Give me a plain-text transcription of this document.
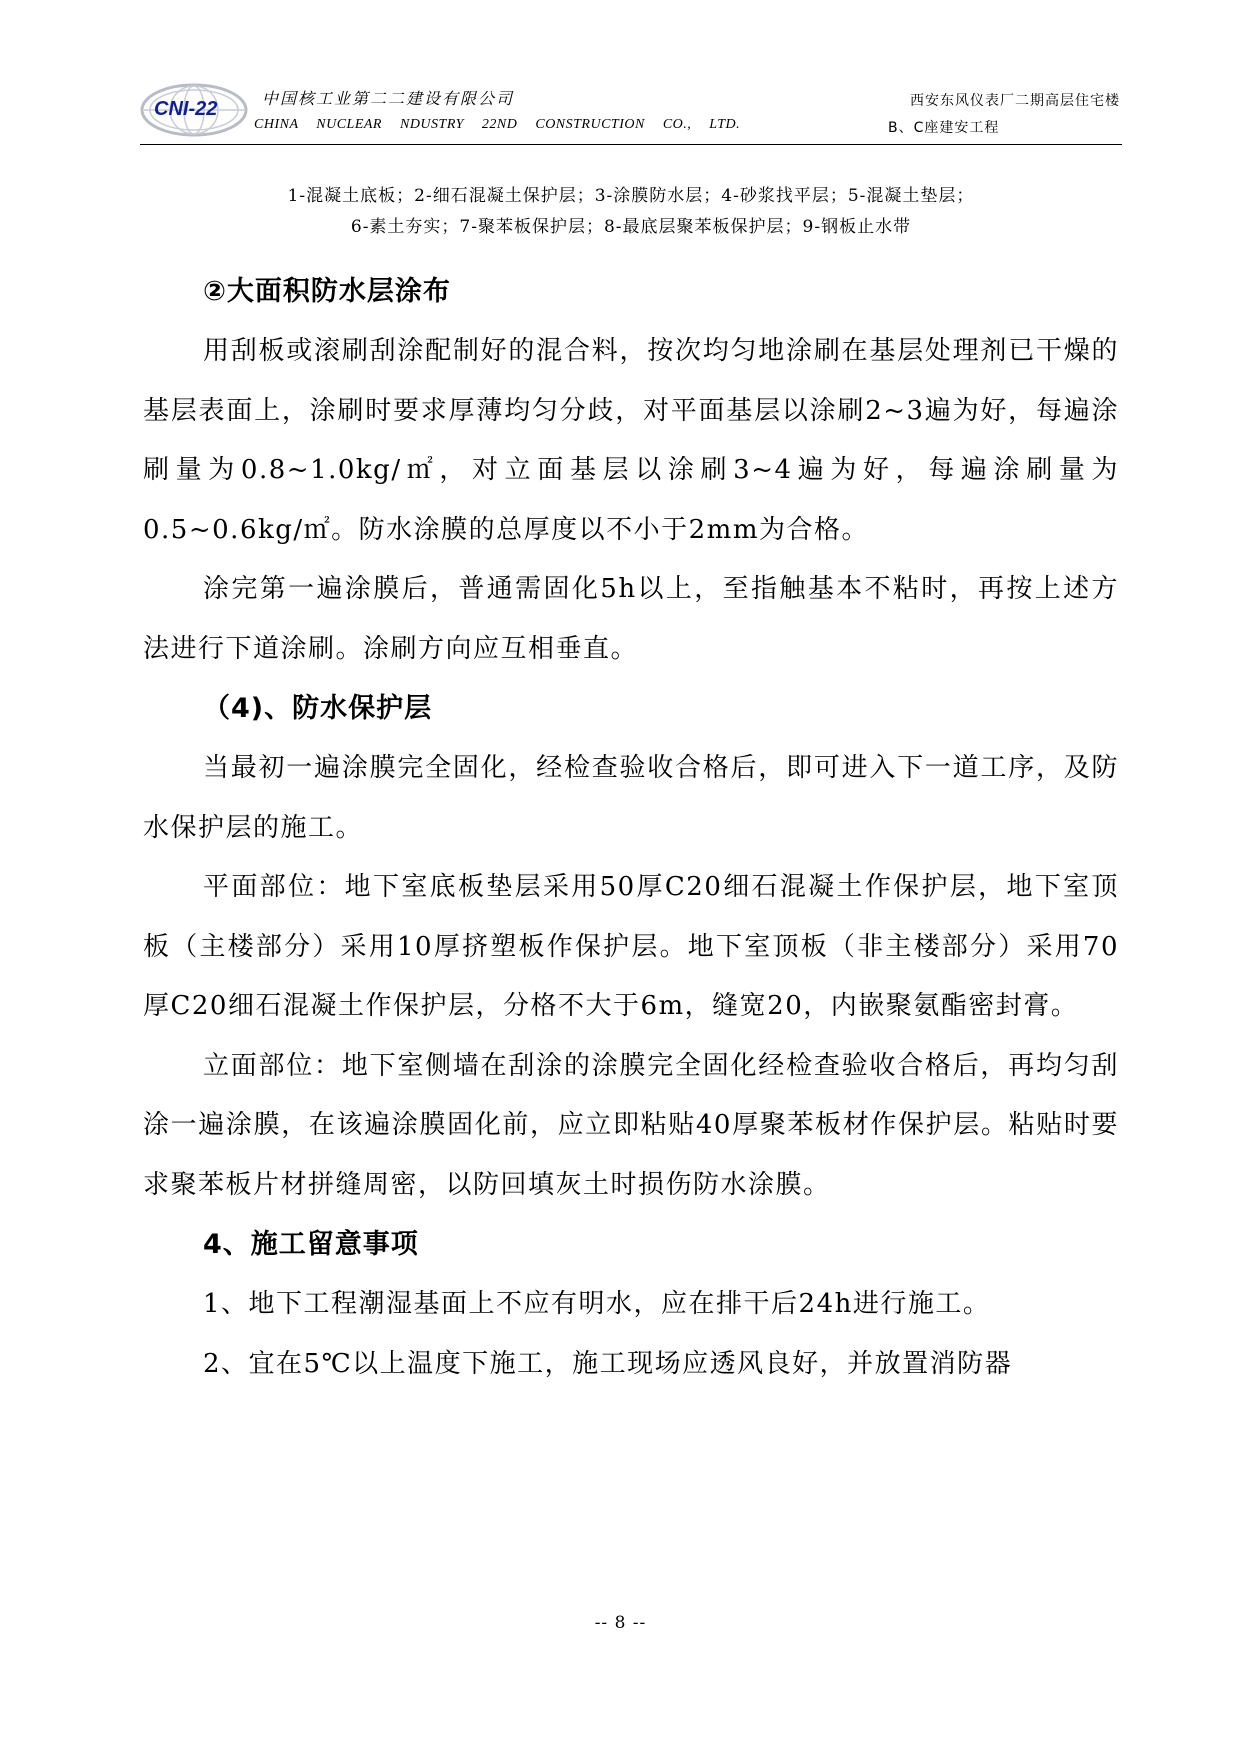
CNI-22	中国核工业第二二建设有限公司
CHINA NUCLEAR NDUSTRY 22ND CONSTRUCTION CO., LTD.
西安东风仪表厂二期高层住宅楼
B、C座建安工程
1-混凝土底板；2-细石混凝土保护层；3-涂膜防水层；4-砂浆找平层；5-混凝土垫层；
6-素土夯实；7-聚苯板保护层；8-最底层聚苯板保护层；9-钢板止水带
②大面积防水层涂布

用刮板或滚刷刮涂配制好的混合料，按次均匀地涂刷在基层处理剂已干燥的基层表面上，涂刷时要求厚薄均匀分歧，对平面基层以涂刷2~3遍为好，每遍涂刷量为0.8~1.0kg/㎡，对立面基层以涂刷3~4遍为好，每遍涂刷量为0.5~0.6kg/㎡。防水涂膜的总厚度以不小于2mm为合格。

涂完第一遍涂膜后，普通需固化5h以上，至指触基本不粘时，再按上述方法进行下道涂刷。涂刷方向应互相垂直。

（4)、防水保护层

当最初一遍涂膜完全固化，经检查验收合格后，即可进入下一道工序，及防水保护层的施工。

平面部位：地下室底板垫层采用50厚C20细石混凝土作保护层，地下室顶板（主楼部分）采用10厚挤塑板作保护层。地下室顶板（非主楼部分）采用70厚C20细石混凝土作保护层，分格不大于6m，缝宽20，内嵌聚氨酯密封膏。

立面部位：地下室侧墙在刮涂的涂膜完全固化经检查验收合格后，再均匀刮涂一遍涂膜，在该遍涂膜固化前，应立即粘贴40厚聚苯板材作保护层。粘贴时要求聚苯板片材拼缝周密，以防回填灰土时损伤防水涂膜。

4、施工留意事项

1、地下工程潮湿基面上不应有明水，应在排干后24h进行施工。

2、宜在5℃以上温度下施工，施工现场应透风良好，并放置消防器

-- 8 --
